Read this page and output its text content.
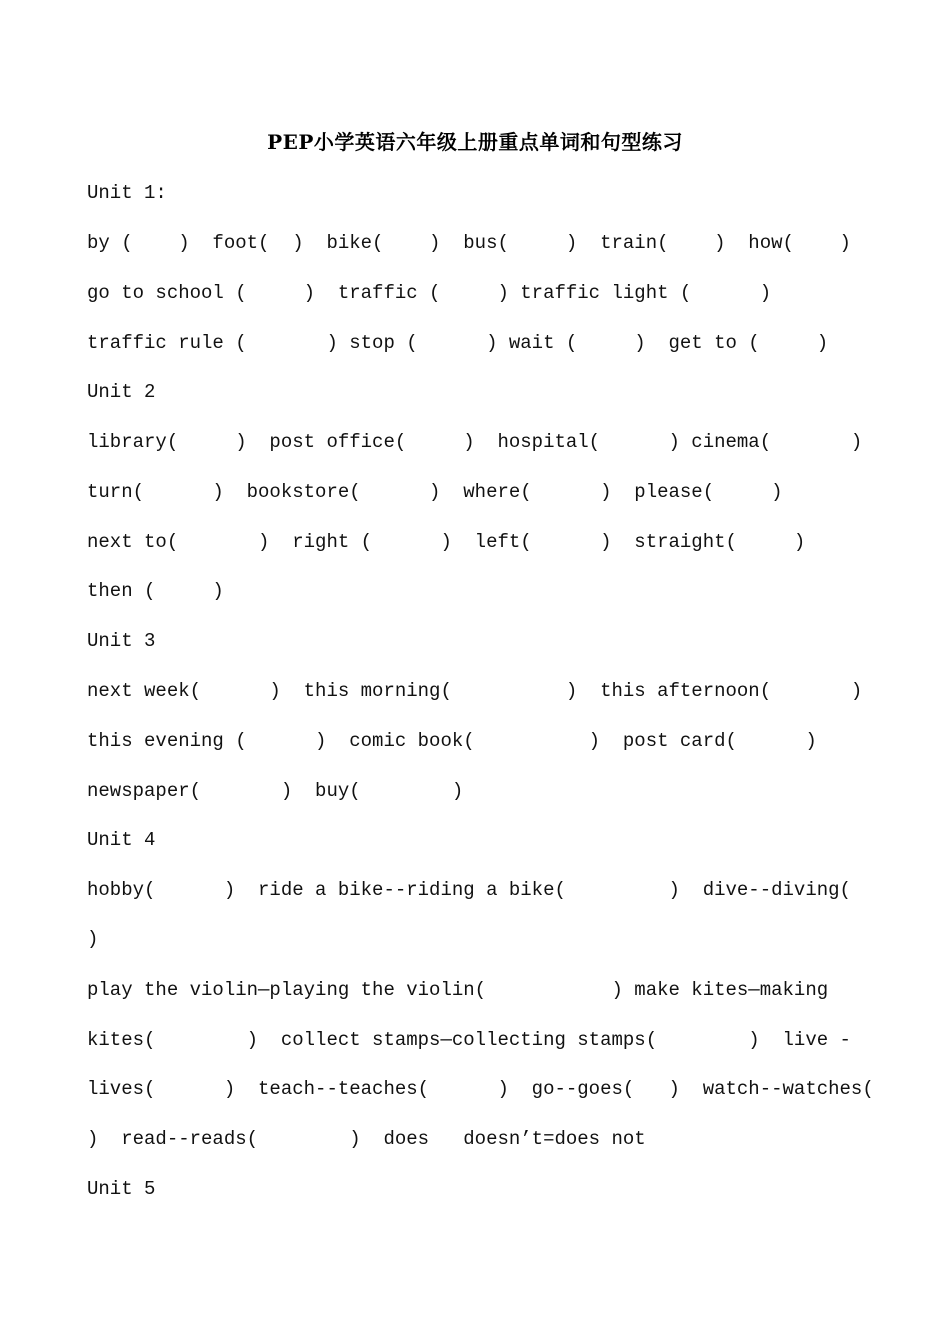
PEP小学英语六年级上册重点单词和句型练习
Unit 1:
by (    )  foot(  )  bike(    )  bus(     )  train(    )  how(    )
go to school (     )  traffic (     ) traffic light (      )
traffic rule (       ) stop (      ) wait (     )  get to (     )
Unit 2
library(     )  post office(     )  hospital(      ) cinema(       )
turn(      )  bookstore(      )  where(      )  please(     )
next to(       )  right (      )  left(      )  straight(     )
then (     )
Unit 3
next week(      )  this morning(          )  this afternoon(       )
this evening (      )  comic book(          )  post card(      )
newspaper(       )  buy(        )
Unit 4
hobby(      )  ride a bike--riding a bike(         )  dive--diving(
)
play the violin—playing the violin(           ) make kites—making
kites(        )  collect stamps—collecting stamps(        )  live -
lives(      )  teach--teaches(      )  go--goes(   )  watch--watches(
)  read--reads(        )  does   doesn’t=does not
Unit 5
